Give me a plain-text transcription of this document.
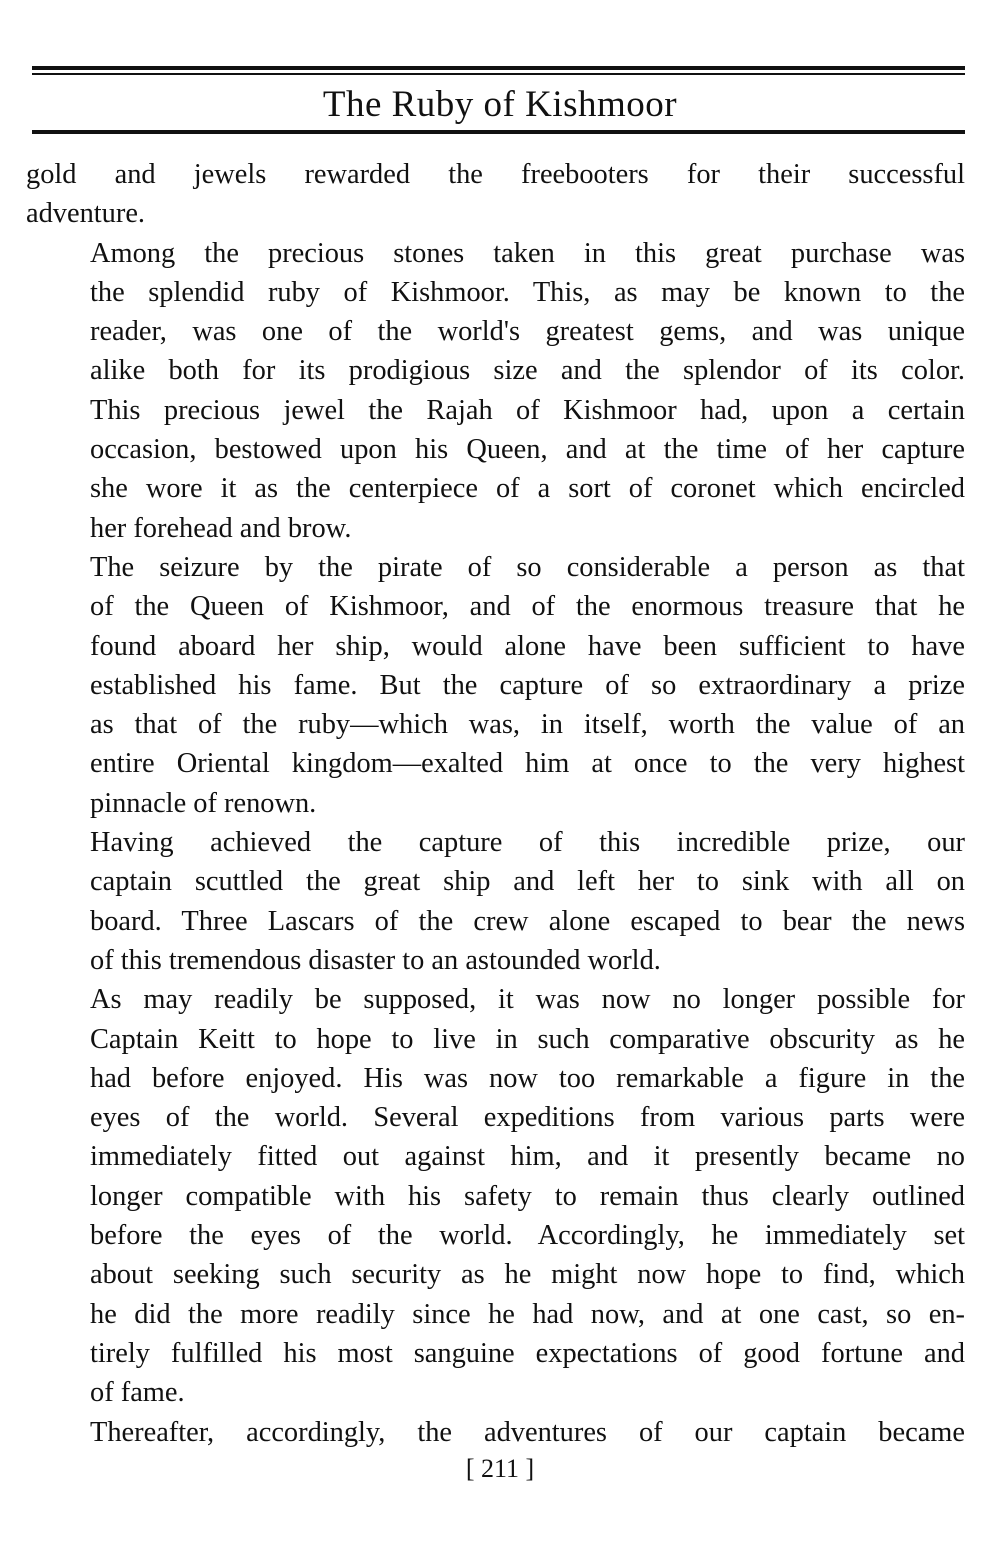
The Ruby of Kishmoor

gold and jewels rewarded the freebooters for their successful
adventure.

Among the precious stones taken in this great purchase was
the splendid ruby of Kishmoor. This, as may be known to the
reader, was one of the world's greatest gems, and was unique
alike both for its prodigious size and the splendor of its color.
This precious jewel the Rajah of Kishmoor had, upon a certain
occasion, bestowed upon his Queen, and at the time of her capture
she wore it as the centerpiece of a sort of coronet which encircled
her forehead and brow.

The seizure by the pirate of so considerable a person as that
of the Queen of Kishmoor, and of the enormous treasure that he
found aboard her ship, would alone have been sufficient to have
established his fame. But the capture of so extraordinary a prize
as that of the ruby—which was, in itself, worth the value of an
entire Oriental kingdom—exalted him at once to the very highest
pinnacle of renown.

Having achieved the capture of this incredible prize, our
captain scuttled the great ship and left her to sink with all on
board. Three Lascars of the crew alone escaped to bear the news
of this tremendous disaster to an astounded world.

As may readily be supposed, it was now no longer possible for
Captain Keitt to hope to live in such comparative obscurity as he
had before enjoyed. His was now too remarkable a figure in the
eyes of the world. Several expeditions from various parts were
immediately fitted out against him, and it presently became no
longer compatible with his safety to remain thus clearly outlined
before the eyes of the world. Accordingly, he immediately set
about seeking such security as he might now hope to find, which
he did the more readily since he had now, and at one cast, so en-
tirely fulfilled his most sanguine expectations of good fortune and
of fame.

Thereafter, accordingly, the adventures of our captain became

[ 211 ]
